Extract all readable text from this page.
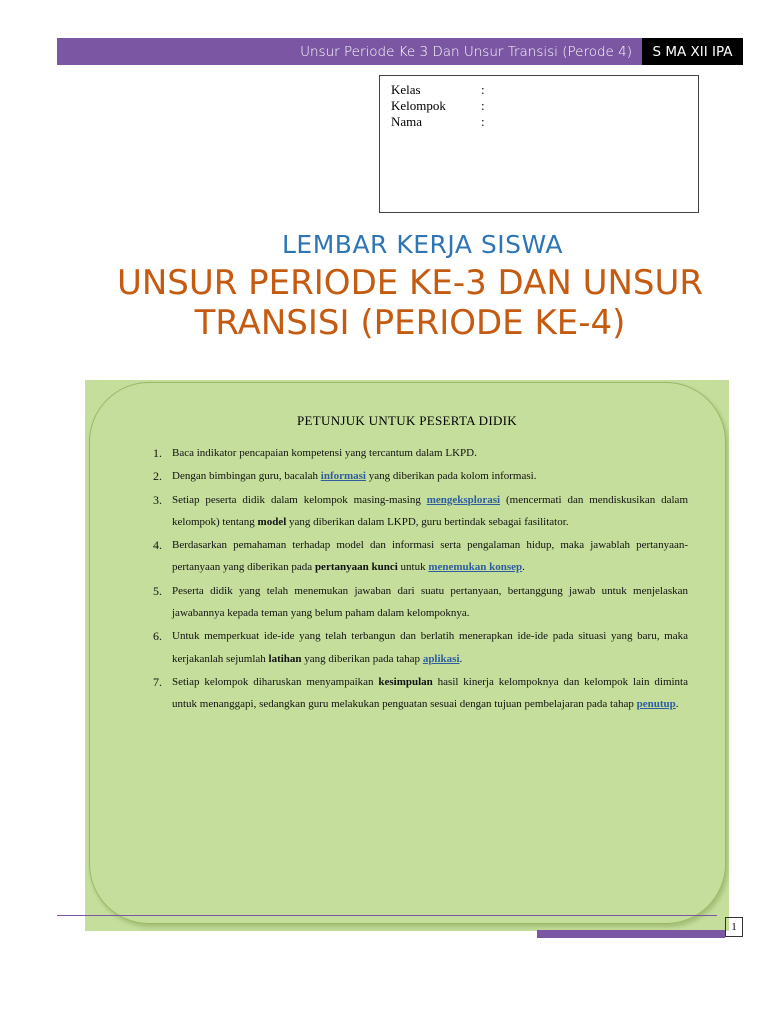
Unsur Periode Ke 3 Dan Unsur Transisi (Perode 4)	S MA XII IPA
Kelas	:
Kelompok	:
Nama	:
LEMBAR KERJA SISWA
UNSUR PERIODE KE-3 DAN UNSUR TRANSISI (PERIODE KE-4)
PETUNJUK UNTUK PESERTA DIDIK
1. Baca indikator pencapaian kompetensi yang tercantum dalam LKPD.
2. Dengan bimbingan guru, bacalah informasi yang diberikan pada kolom informasi.
3. Setiap peserta didik dalam kelompok masing-masing mengeksplorasi (mencermati dan mendiskusikan dalam kelompok) tentang model yang diberikan dalam LKPD, guru bertindak sebagai fasilitator.
4. Berdasarkan pemahaman terhadap model dan informasi serta pengalaman hidup, maka jawablah pertanyaan-pertanyaan yang diberikan pada pertanyaan kunci untuk menemukan konsep.
5. Peserta didik yang telah menemukan jawaban dari suatu pertanyaan, bertanggung jawab untuk menjelaskan jawabannya kepada teman yang belum paham dalam kelompoknya.
6. Untuk memperkuat ide-ide yang telah terbangun dan berlatih menerapkan ide-ide pada situasi yang baru, maka kerjakanlah sejumlah latihan yang diberikan pada tahap aplikasi.
7. Setiap kelompok diharuskan menyampaikan kesimpulan hasil kinerja kelompoknya dan kelompok lain diminta untuk menanggapi, sedangkan guru melakukan penguatan sesuai dengan tujuan pembelajaran pada tahap penutup.
1
